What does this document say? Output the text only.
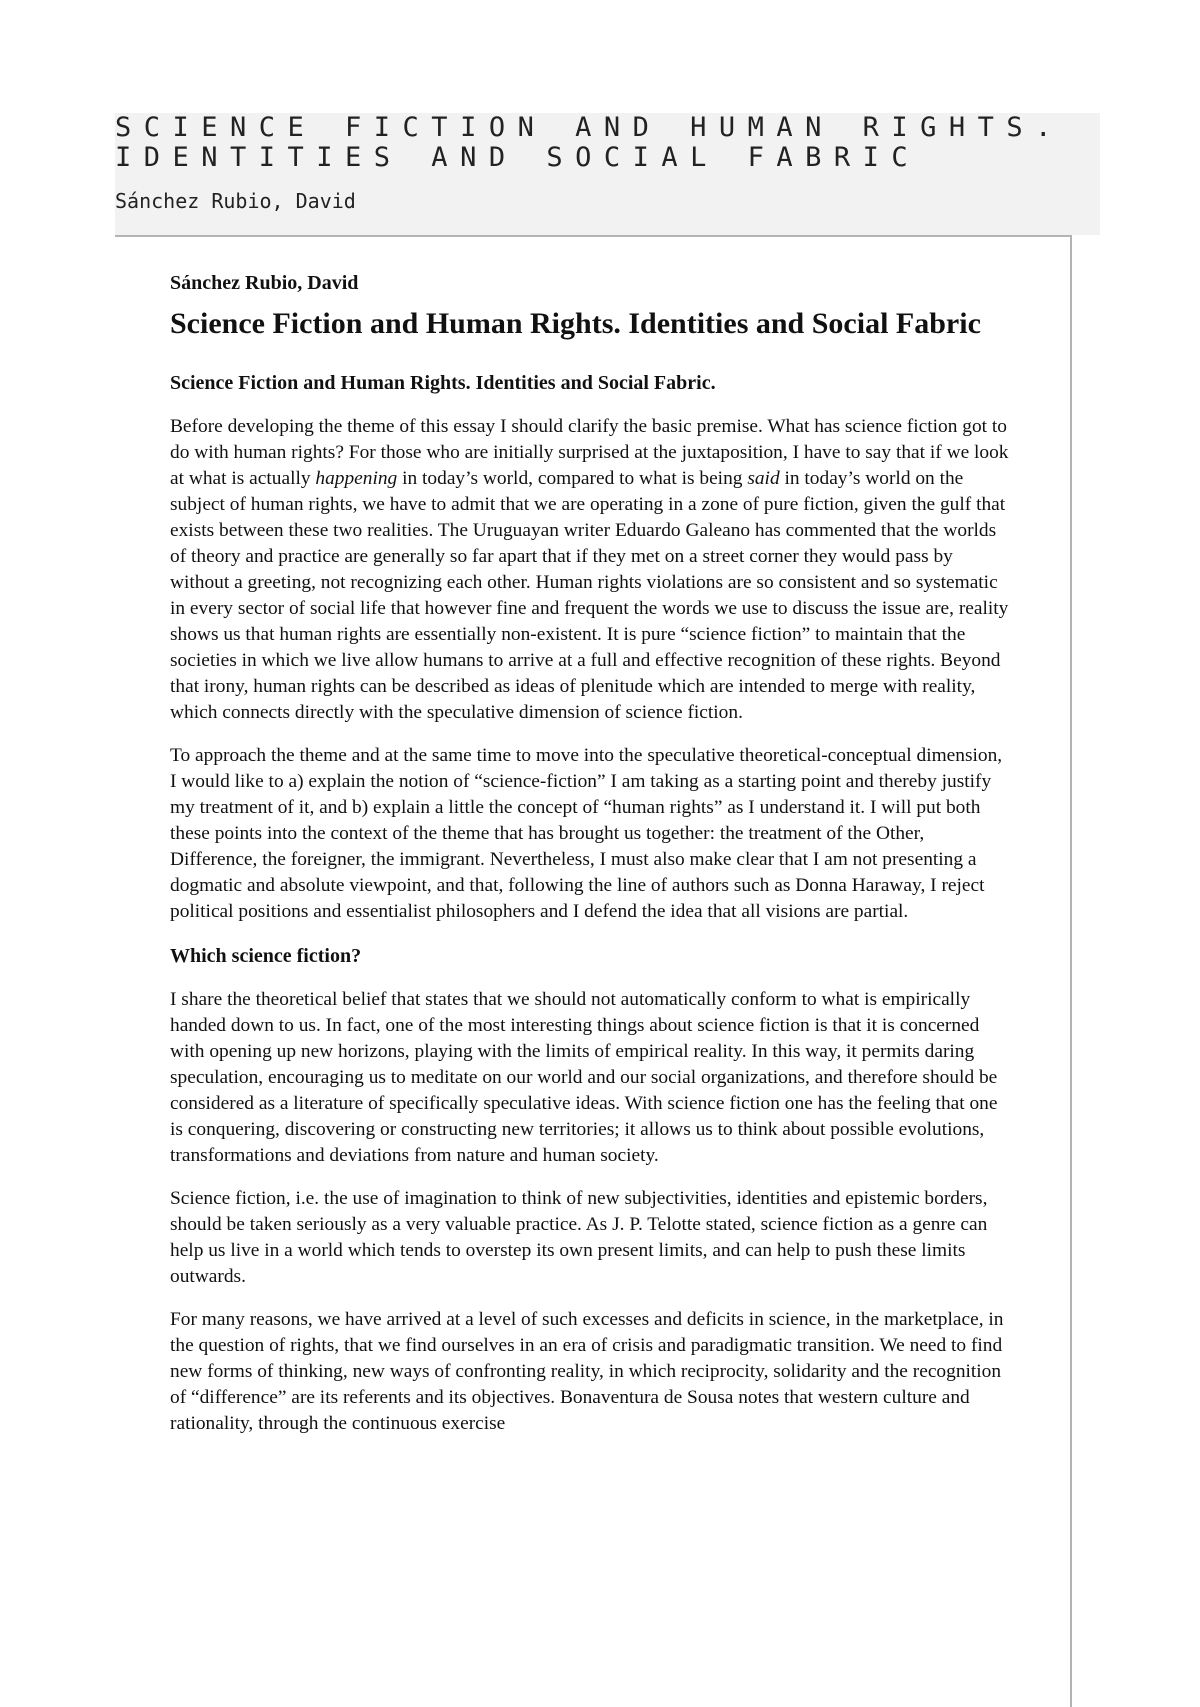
SCIENCE FICTION AND HUMAN RIGHTS.
IDENTITIES AND SOCIAL FABRIC
Sánchez Rubio, David

Sánchez Rubio, David

Science Fiction and Human Rights. Identities and Social Fabric
Science Fiction and Human Rights. Identities and Social Fabric.

Before developing the theme of this essay I should clarify the basic premise. What has science fiction got to do with human rights? For those who are initially surprised at the juxtaposition, I have to say that if we look at what is actually happening in today’s world, compared to what is being said in today’s world on the subject of human rights, we have to admit that we are operating in a zone of pure fiction, given the gulf that exists between these two realities. The Uruguayan writer Eduardo Galeano has commented that the worlds of theory and practice are generally so far apart that if they met on a street corner they would pass by without a greeting, not recognizing each other. Human rights violations are so consistent and so systematic in every sector of social life that however fine and frequent the words we use to discuss the issue are, reality shows us that human rights are essentially non-existent. It is pure “science fiction” to maintain that the societies in which we live allow humans to arrive at a full and effective recognition of these rights. Beyond that irony, human rights can be described as ideas of plenitude which are intended to merge with reality, which connects directly with the speculative dimension of science fiction.

To approach the theme and at the same time to move into the speculative theoretical-conceptual dimension, I would like to a) explain the notion of “science-fiction” I am taking as a starting point and thereby justify my treatment of it, and b) explain a little the concept of “human rights” as I understand it. I will put both these points into the context of the theme that has brought us together: the treatment of the Other, Difference, the foreigner, the immigrant. Nevertheless, I must also make clear that I am not presenting a dogmatic and absolute viewpoint, and that, following the line of authors such as Donna Haraway, I reject political positions and essentialist philosophers and I defend the idea that all visions are partial.

Which science fiction?

I share the theoretical belief that states that we should not automatically conform to what is empirically handed down to us. In fact, one of the most interesting things about science fiction is that it is concerned with opening up new horizons, playing with the limits of empirical reality. In this way, it permits daring speculation, encouraging us to meditate on our world and our social organizations, and therefore should be considered as a literature of specifically speculative ideas. With science fiction one has the feeling that one is conquering, discovering or constructing new territories; it allows us to think about possible evolutions, transformations and deviations from nature and human society.

Science fiction, i.e. the use of imagination to think of new subjectivities, identities and epistemic borders, should be taken seriously as a very valuable practice. As J. P. Telotte stated, science fiction as a genre can help us live in a world which tends to overstep its own present limits, and can help to push these limits outwards.

For many reasons, we have arrived at a level of such excesses and deficits in science, in the marketplace, in the question of rights, that we find ourselves in an era of crisis and paradigmatic transition. We need to find new forms of thinking, new ways of confronting reality, in which reciprocity, solidarity and the recognition of “difference” are its referents and its objectives. Bonaventura de Sousa notes that western culture and rationality, through the continuous exercise
